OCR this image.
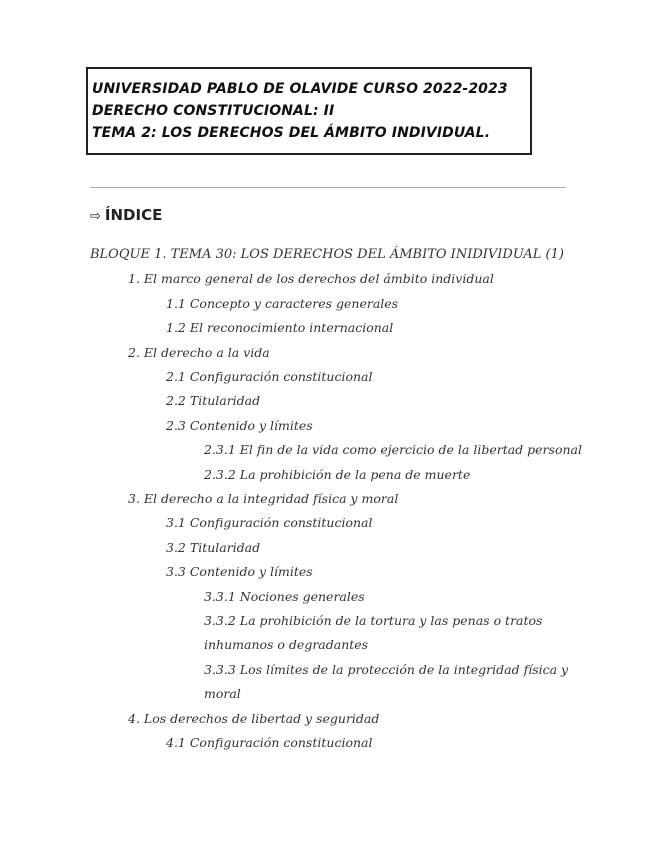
UNIVERSIDAD PABLO DE OLAVIDE CURSO 2022-2023
DERECHO CONSTITUCIONAL: II
TEMA 2: LOS DERECHOS DEL ÁMBITO INDIVIDUAL.
⇨ ÍNDICE
BLOQUE 1. TEMA 30: LOS DERECHOS DEL ÁMBITO INIDIVIDUAL (1)
1. El marco general de los derechos del ámbito individual
1.1 Concepto y caracteres generales
1.2 El reconocimiento internacional
2. El derecho a la vida
2.1 Configuración constitucional
2.2 Titularidad
2.3 Contenido y límites
2.3.1 El fin de la vida como ejercicio de la libertad personal
2.3.2 La prohibición de la pena de muerte
3. El derecho a la integridad física y moral
3.1 Configuración constitucional
3.2 Titularidad
3.3 Contenido y límites
3.3.1 Nociones generales
3.3.2 La prohibición de la tortura y las penas o tratos
inhumanos o degradantes
3.3.3 Los límites de la protección de la integridad física y
moral
4. Los derechos de libertad y seguridad
4.1 Configuración constitucional
